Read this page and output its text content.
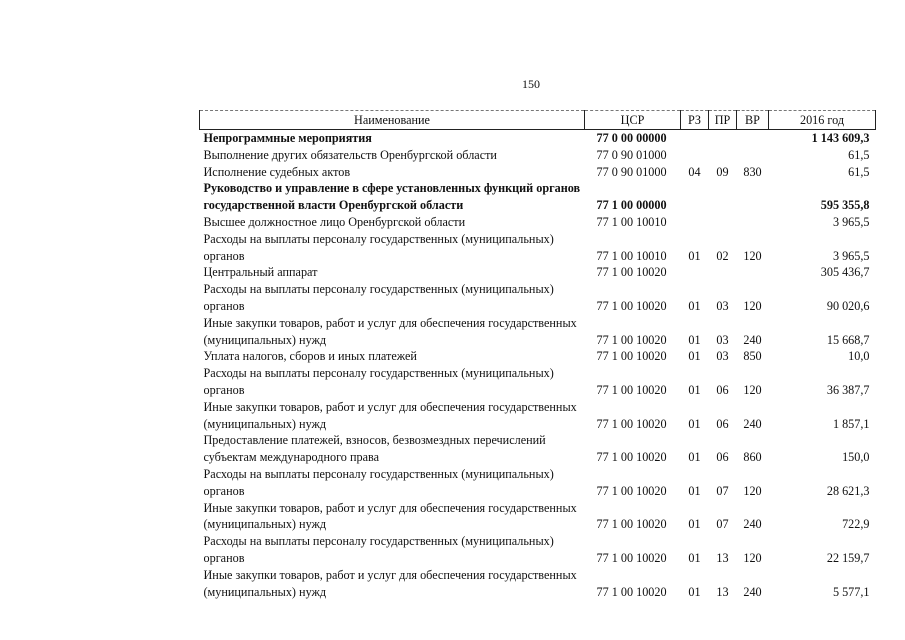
150
Наименование	ЦСР	РЗ	ПР	ВР	2016 год
Непрограммные мероприятия	77 0 00 00000				1 143 609,3
Выполнение других обязательств Оренбургской области	77 0 90 01000				61,5
Исполнение судебных актов	77 0 90 01000	04	09	830	61,5
Руководство и управление в сфере установленных функций органов государственной власти Оренбургской области	77 1 00 00000				595 355,8
Высшее должностное лицо Оренбургской области	77 1 00 10010				3 965,5
Расходы на выплаты персоналу государственных (муниципальных) органов	77 1 00 10010	01	02	120	3 965,5
Центральный аппарат	77 1 00 10020				305 436,7
Расходы на выплаты персоналу государственных (муниципальных) органов	77 1 00 10020	01	03	120	90 020,6
Иные закупки товаров, работ и услуг для обеспечения государственных (муниципальных) нужд	77 1 00 10020	01	03	240	15 668,7
Уплата налогов, сборов и иных платежей	77 1 00 10020	01	03	850	10,0
Расходы на выплаты персоналу государственных (муниципальных) органов	77 1 00 10020	01	06	120	36 387,7
Иные закупки товаров, работ и услуг для обеспечения государственных (муниципальных) нужд	77 1 00 10020	01	06	240	1 857,1
Предоставление платежей, взносов, безвозмездных перечислений субъектам международного права	77 1 00 10020	01	06	860	150,0
Расходы на выплаты персоналу государственных (муниципальных) органов	77 1 00 10020	01	07	120	28 621,3
Иные закупки товаров, работ и услуг для обеспечения государственных (муниципальных) нужд	77 1 00 10020	01	07	240	722,9
Расходы на выплаты персоналу государственных (муниципальных) органов	77 1 00 10020	01	13	120	22 159,7
Иные закупки товаров, работ и услуг для обеспечения государственных (муниципальных) нужд	77 1 00 10020	01	13	240	5 577,1
